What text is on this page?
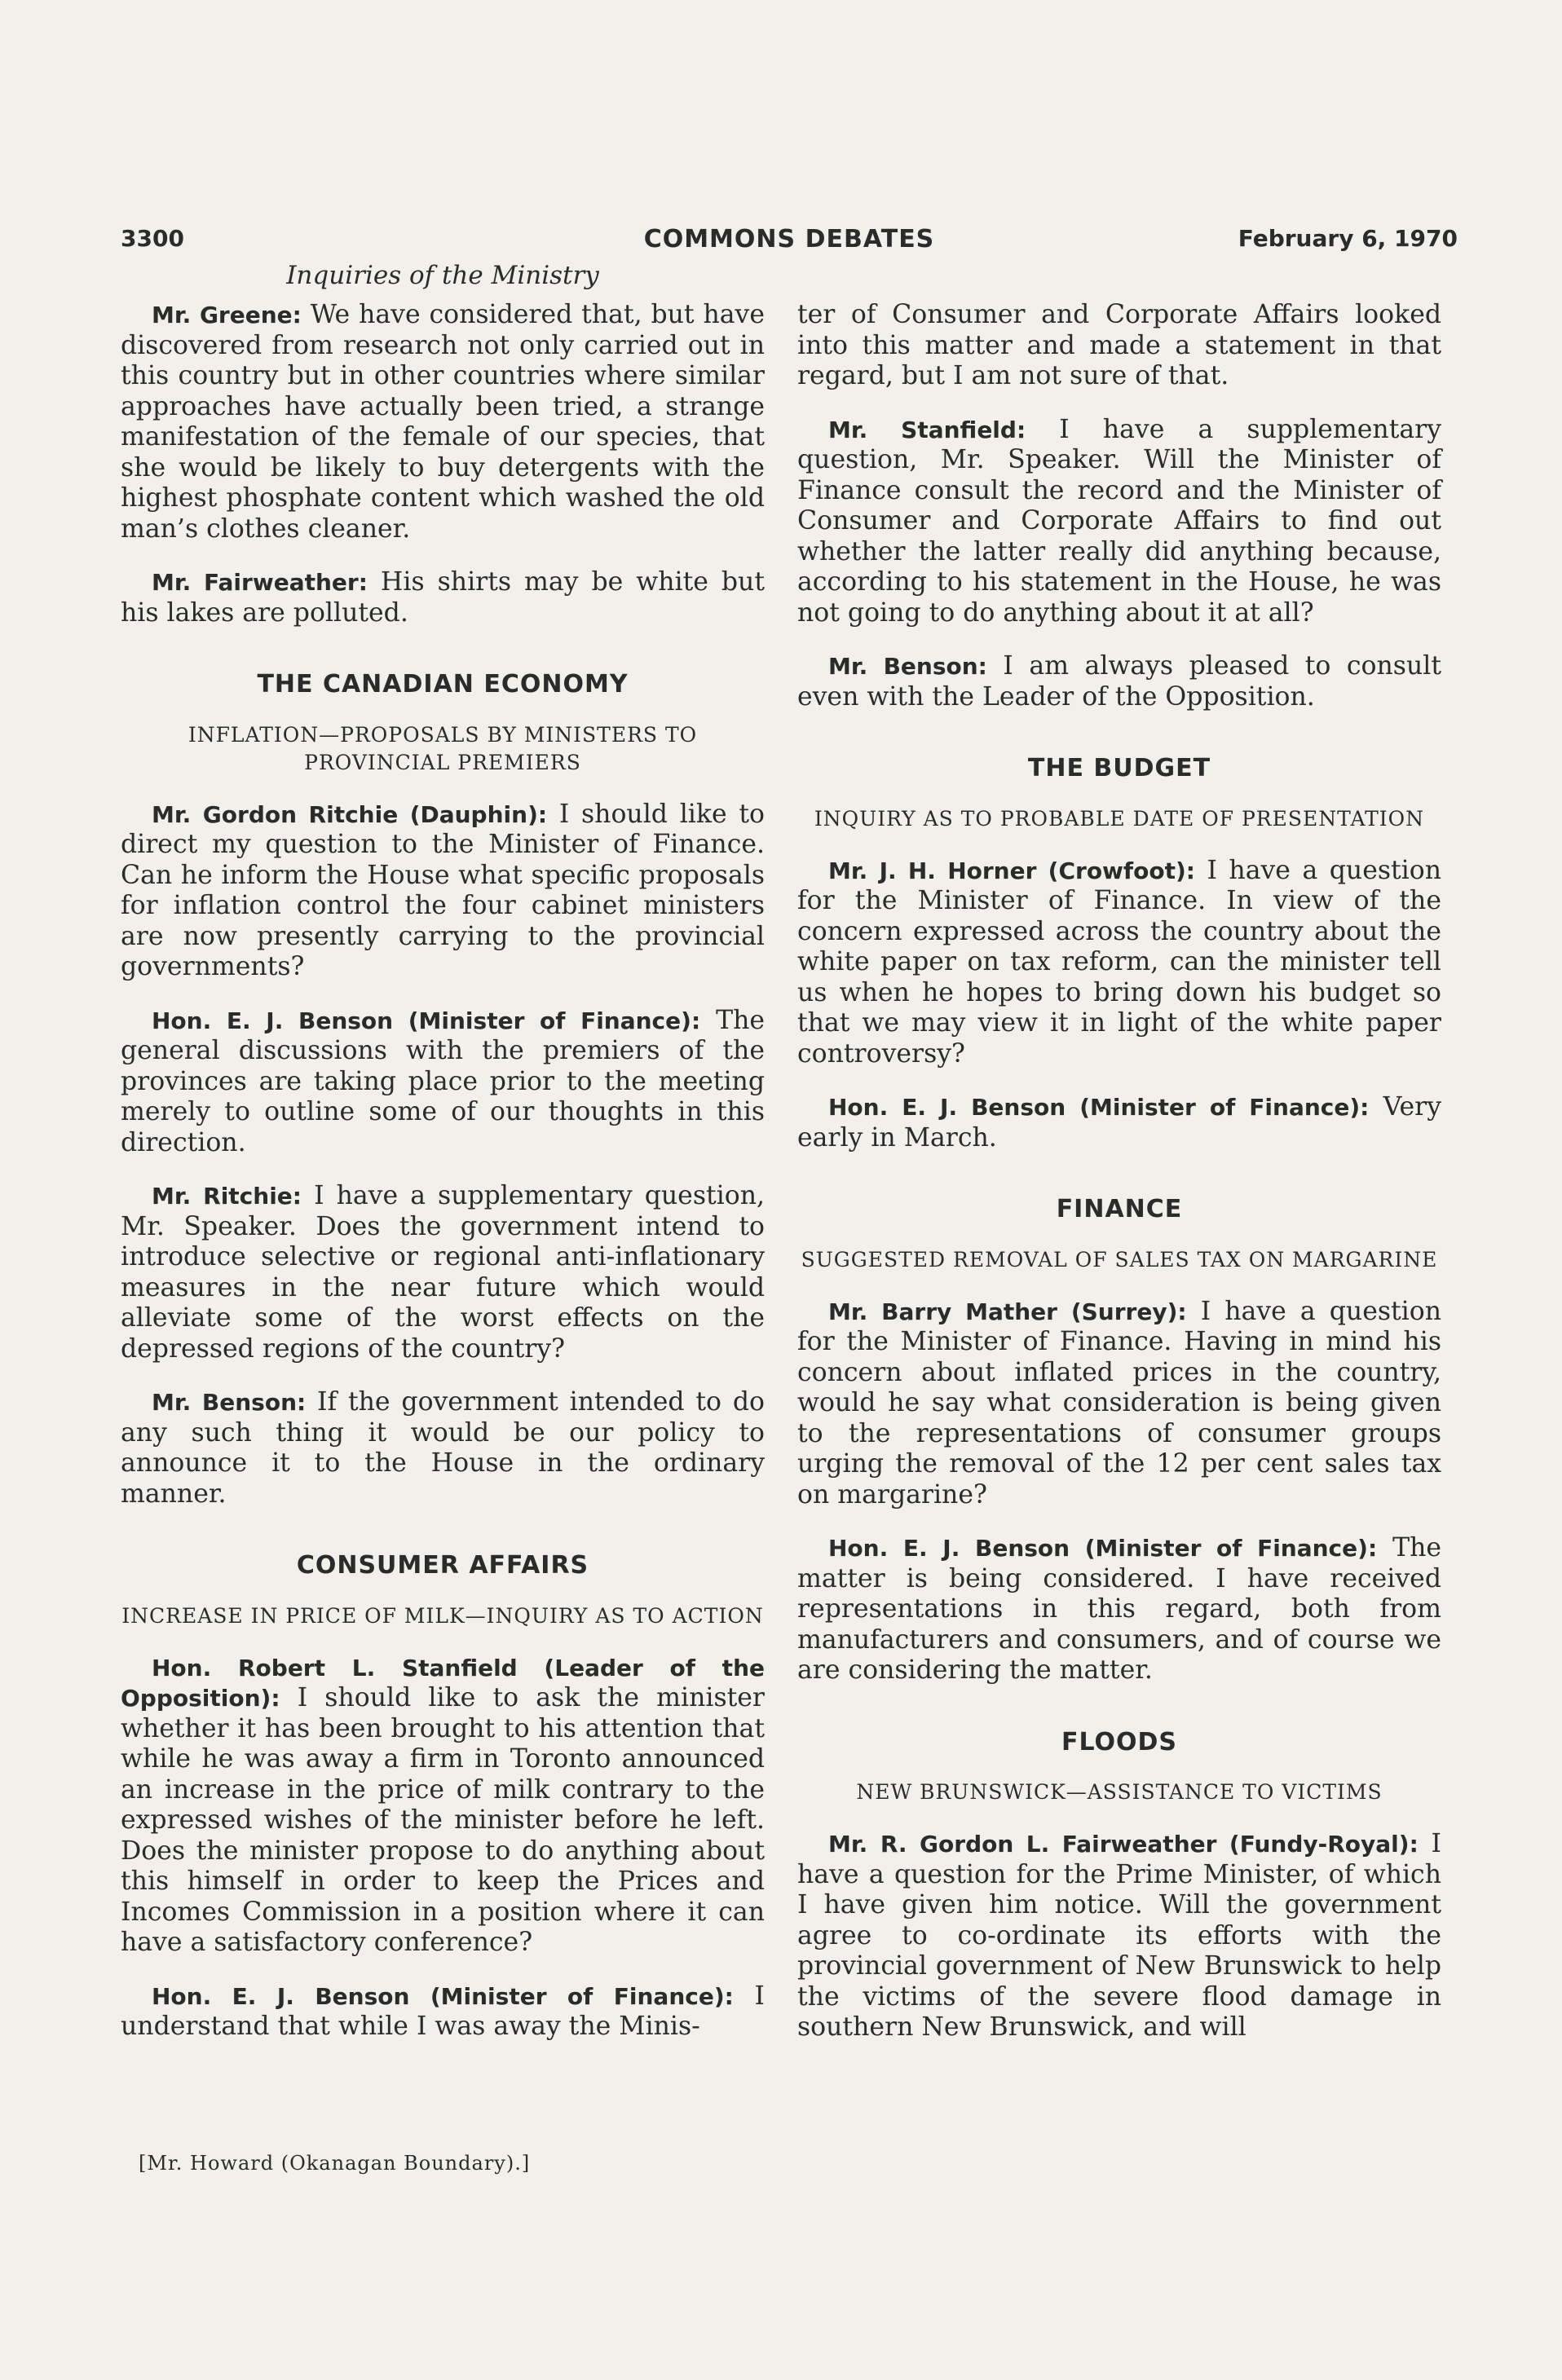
3300	COMMONS DEBATES	February 6, 1970
Inquiries of the Ministry

Mr. Greene: We have considered that, but have discovered from research not only carried out in this country but in other countries where similar approaches have actually been tried, a strange manifestation of the female of our species, that she would be likely to buy detergents with the highest phosphate content which washed the old man’s clothes cleaner.

Mr. Fairweather: His shirts may be white but his lakes are polluted.

THE CANADIAN ECONOMY
INFLATION—PROPOSALS BY MINISTERS TO PROVINCIAL PREMIERS

Mr. Gordon Ritchie (Dauphin): I should like to direct my question to the Minister of Finance. Can he inform the House what specific proposals for inflation control the four cabinet ministers are now presently carrying to the provincial governments?

Hon. E. J. Benson (Minister of Finance): The general discussions with the premiers of the provinces are taking place prior to the meeting merely to outline some of our thoughts in this direction.

Mr. Ritchie: I have a supplementary question, Mr. Speaker. Does the government intend to introduce selective or regional anti-inflationary measures in the near future which would alleviate some of the worst effects on the depressed regions of the country?

Mr. Benson: If the government intended to do any such thing it would be our policy to announce it to the House in the ordinary manner.

CONSUMER AFFAIRS
INCREASE IN PRICE OF MILK—INQUIRY AS TO ACTION

Hon. Robert L. Stanfield (Leader of the Opposition): I should like to ask the minister whether it has been brought to his attention that while he was away a firm in Toronto announced an increase in the price of milk contrary to the expressed wishes of the minister before he left. Does the minister propose to do anything about this himself in order to keep the Prices and Incomes Commission in a position where it can have a satisfactory conference?

Hon. E. J. Benson (Minister of Finance): I understand that while I was away the Minis-

ter of Consumer and Corporate Affairs looked into this matter and made a statement in that regard, but I am not sure of that.

Mr. Stanfield: I have a supplementary question, Mr. Speaker. Will the Minister of Finance consult the record and the Minister of Consumer and Corporate Affairs to find out whether the latter really did anything because, according to his statement in the House, he was not going to do anything about it at all?

Mr. Benson: I am always pleased to consult even with the Leader of the Opposition.

THE BUDGET
INQUIRY AS TO PROBABLE DATE OF PRESENTATION

Mr. J. H. Horner (Crowfoot): I have a question for the Minister of Finance. In view of the concern expressed across the country about the white paper on tax reform, can the minister tell us when he hopes to bring down his budget so that we may view it in light of the white paper controversy?

Hon. E. J. Benson (Minister of Finance): Very early in March.

FINANCE
SUGGESTED REMOVAL OF SALES TAX ON MARGARINE

Mr. Barry Mather (Surrey): I have a question for the Minister of Finance. Having in mind his concern about inflated prices in the country, would he say what consideration is being given to the representations of consumer groups urging the removal of the 12 per cent sales tax on margarine?

Hon. E. J. Benson (Minister of Finance): The matter is being considered. I have received representations in this regard, both from manufacturers and consumers, and of course we are considering the matter.

FLOODS
NEW BRUNSWICK—ASSISTANCE TO VICTIMS

Mr. R. Gordon L. Fairweather (Fundy-Royal): I have a question for the Prime Minister, of which I have given him notice. Will the government agree to co-ordinate its efforts with the provincial government of New Brunswick to help the victims of the severe flood damage in southern New Brunswick, and will

[Mr. Howard (Okanagan Boundary).]
